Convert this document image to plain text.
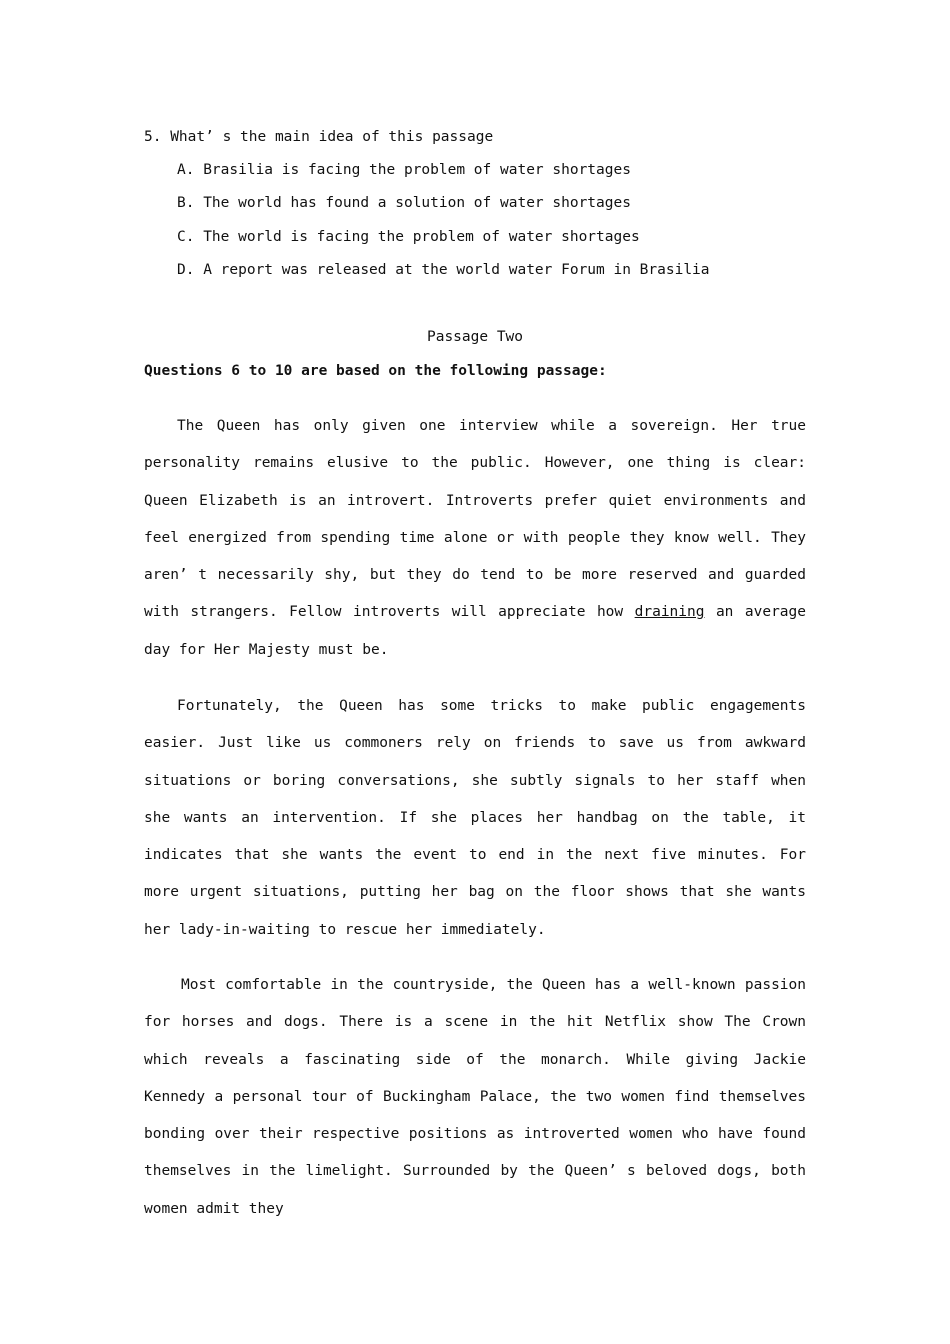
5. What’ s the main idea of this passage
A. Brasilia is facing the problem of water shortages
B. The world has found a solution of water shortages
C. The world is facing the problem of water shortages
D. A report was released at the world water Forum in Brasilia
Passage Two
Questions 6 to 10 are based on the following passage:

The Queen has only given one interview while a sovereign. Her true personality remains elusive to the public. However, one thing is clear: Queen Elizabeth is an introvert. Introverts prefer quiet environments and feel energized from spending time alone or with people they know well. They aren’ t necessarily shy, but they do tend to be more reserved and guarded with strangers. Fellow introverts will appreciate how draining an average day for Her Majesty must be.

Fortunately, the Queen has some tricks to make public engagements easier. Just like us commoners rely on friends to save us from awkward situations or boring conversations, she subtly signals to her staff when she wants an intervention. If she places her handbag on the table, it indicates that she wants the event to end in the next five minutes. For more urgent situations, putting her bag on the floor shows that she wants her lady-in-waiting to rescue her immediately.

Most comfortable in the countryside, the Queen has a well-known passion for horses and dogs. There is a scene in the hit Netflix show The Crown which reveals a fascinating side of the monarch. While giving Jackie Kennedy a personal tour of Buckingham Palace, the two women find themselves bonding over their respective positions as introverted women who have found themselves in the limelight. Surrounded by the Queen’ s beloved dogs, both women admit they
